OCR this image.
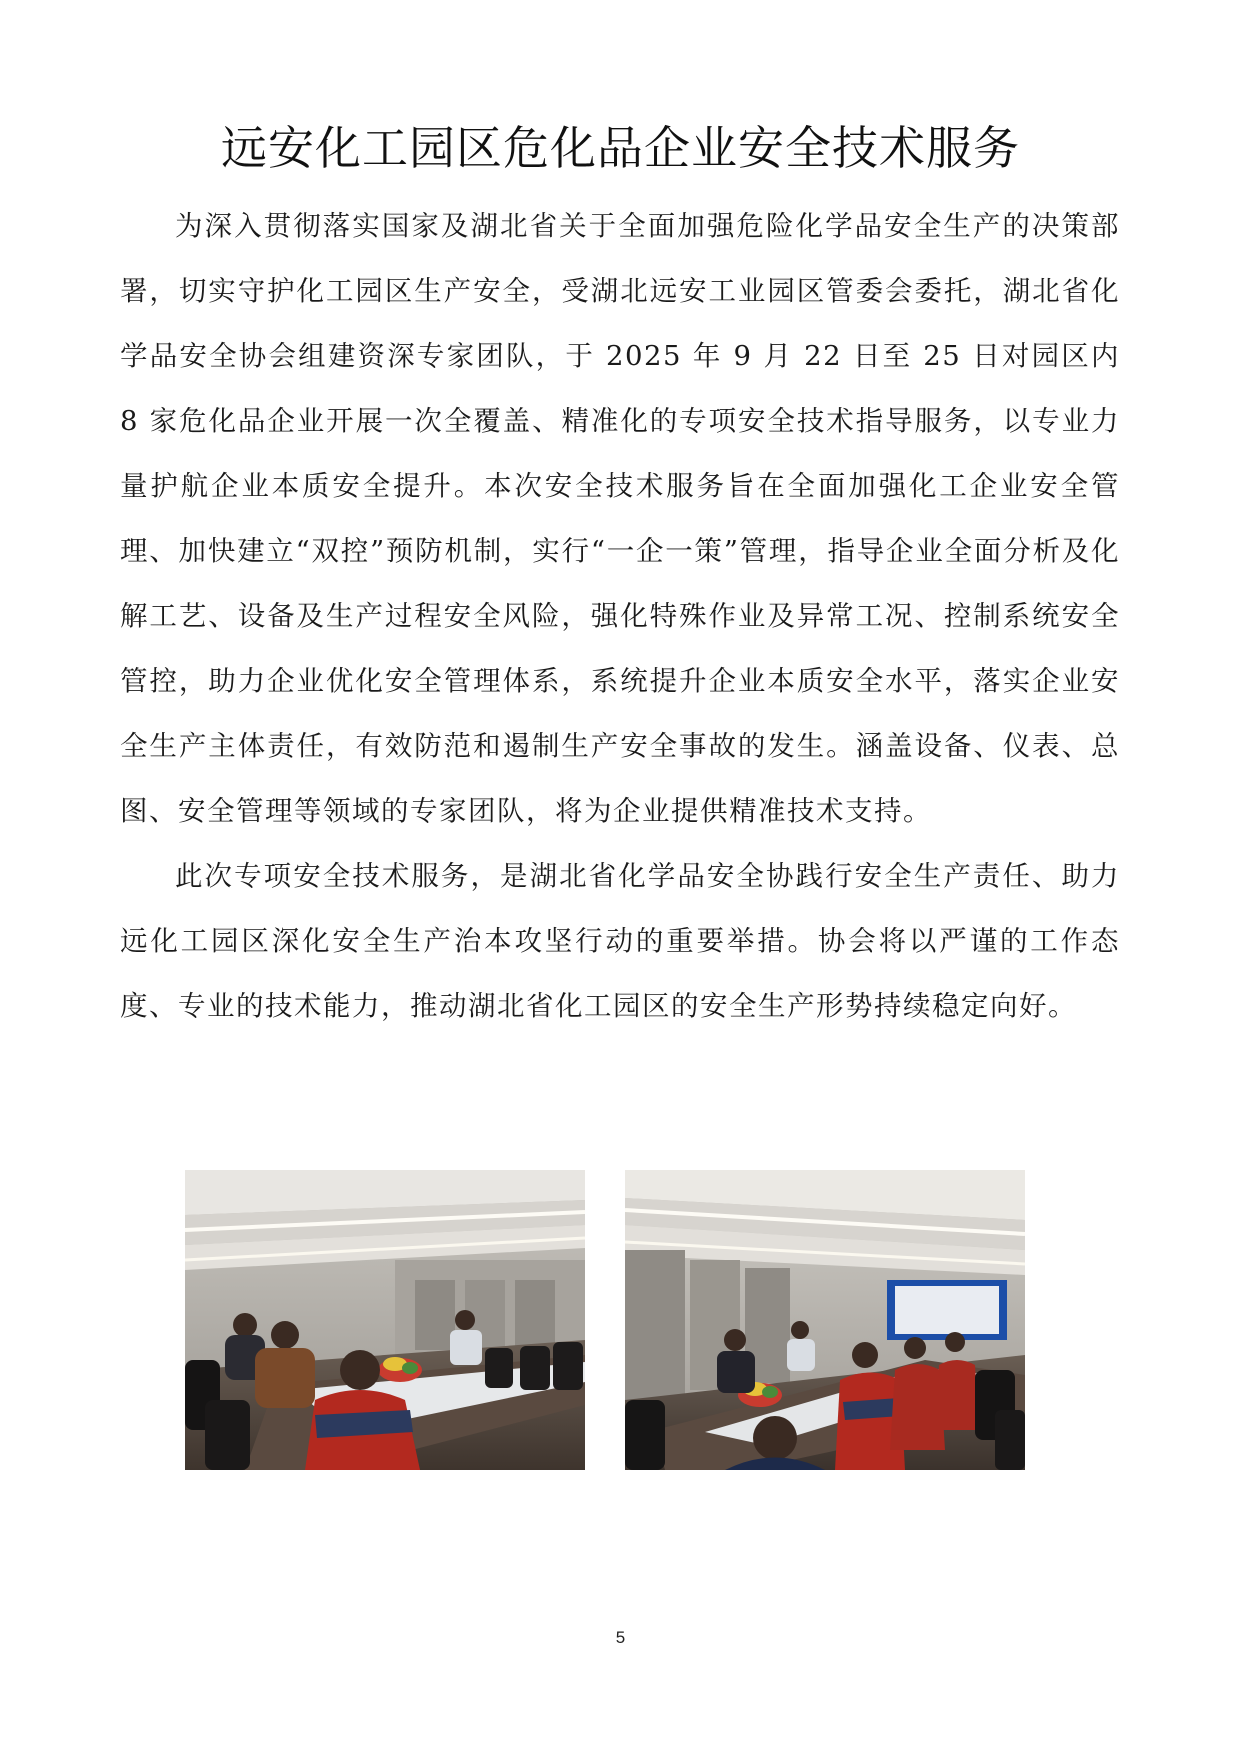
远安化工园区危化品企业安全技术服务

为深入贯彻落实国家及湖北省关于全面加强危险化学品安全生产的决策部署，切实守护化工园区生产安全，受湖北远安工业园区管委会委托，湖北省化学品安全协会组建资深专家团队，于 2025 年 9 月 22 日至 25 日对园区内 8 家危化品企业开展一次全覆盖、精准化的专项安全技术指导服务，以专业力量护航企业本质安全提升。本次安全技术服务旨在全面加强化工企业安全管理、加快建立“双控”预防机制，实行“一企一策”管理，指导企业全面分析及化解工艺、设备及生产过程安全风险，强化特殊作业及异常工况、控制系统安全管控，助力企业优化安全管理体系，系统提升企业本质安全水平，落实企业安全生产主体责任，有效防范和遏制生产安全事故的发生。涵盖设备、仪表、总图、安全管理等领域的专家团队，将为企业提供精准技术支持。

此次专项安全技术服务，是湖北省化学品安全协践行安全生产责任、助力远化工园区深化安全生产治本攻坚行动的重要举措。协会将以严谨的工作态度、专业的技术能力，推动湖北省化工园区的安全生产形势持续稳定向好。

5
